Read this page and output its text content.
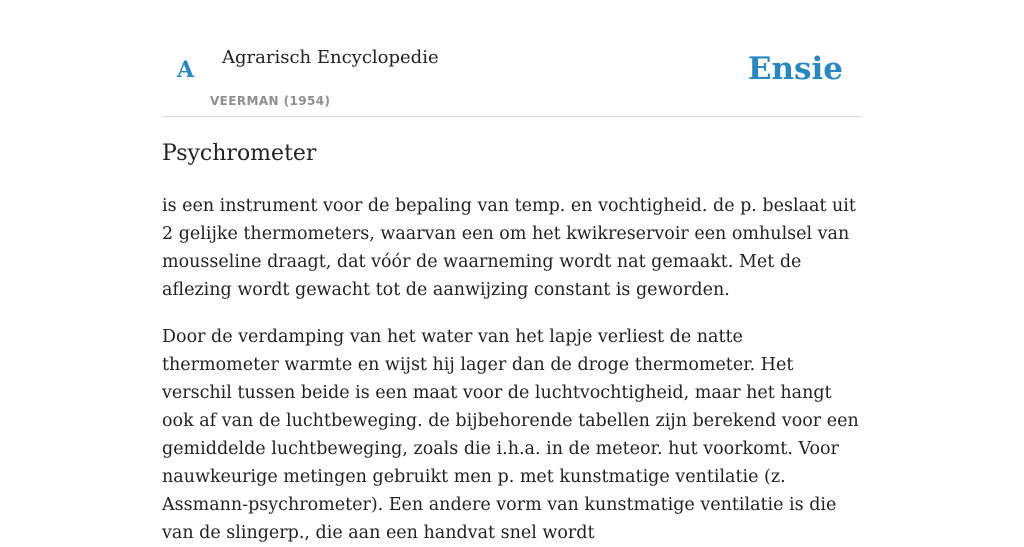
A Agrarisch Encyclopedie
VEERMAN (1954)
Ensie
Psychrometer

is een instrument voor de bepaling van temp. en vochtigheid. de p. beslaat uit 2 gelijke thermometers, waarvan een om het kwikreservoir een omhulsel van mousseline draagt, dat vóór de waarneming wordt nat gemaakt. Met de aflezing wordt gewacht tot de aanwijzing constant is geworden.

Door de verdamping van het water van het lapje verliest de natte thermometer warmte en wijst hij lager dan de droge thermometer. Het verschil tussen beide is een maat voor de luchtvochtigheid, maar het hangt ook af van de luchtbeweging. de bijbehorende tabellen zijn berekend voor een gemiddelde luchtbeweging, zoals die i.h.a. in de meteor. hut voorkomt. Voor nauwkeurige metingen gebruikt men p. met kunstmatige ventilatie (z. Assmann-psychrometer). Een andere vorm van kunstmatige ventilatie is die van de slingerp., die aan een handvat snel wordt
